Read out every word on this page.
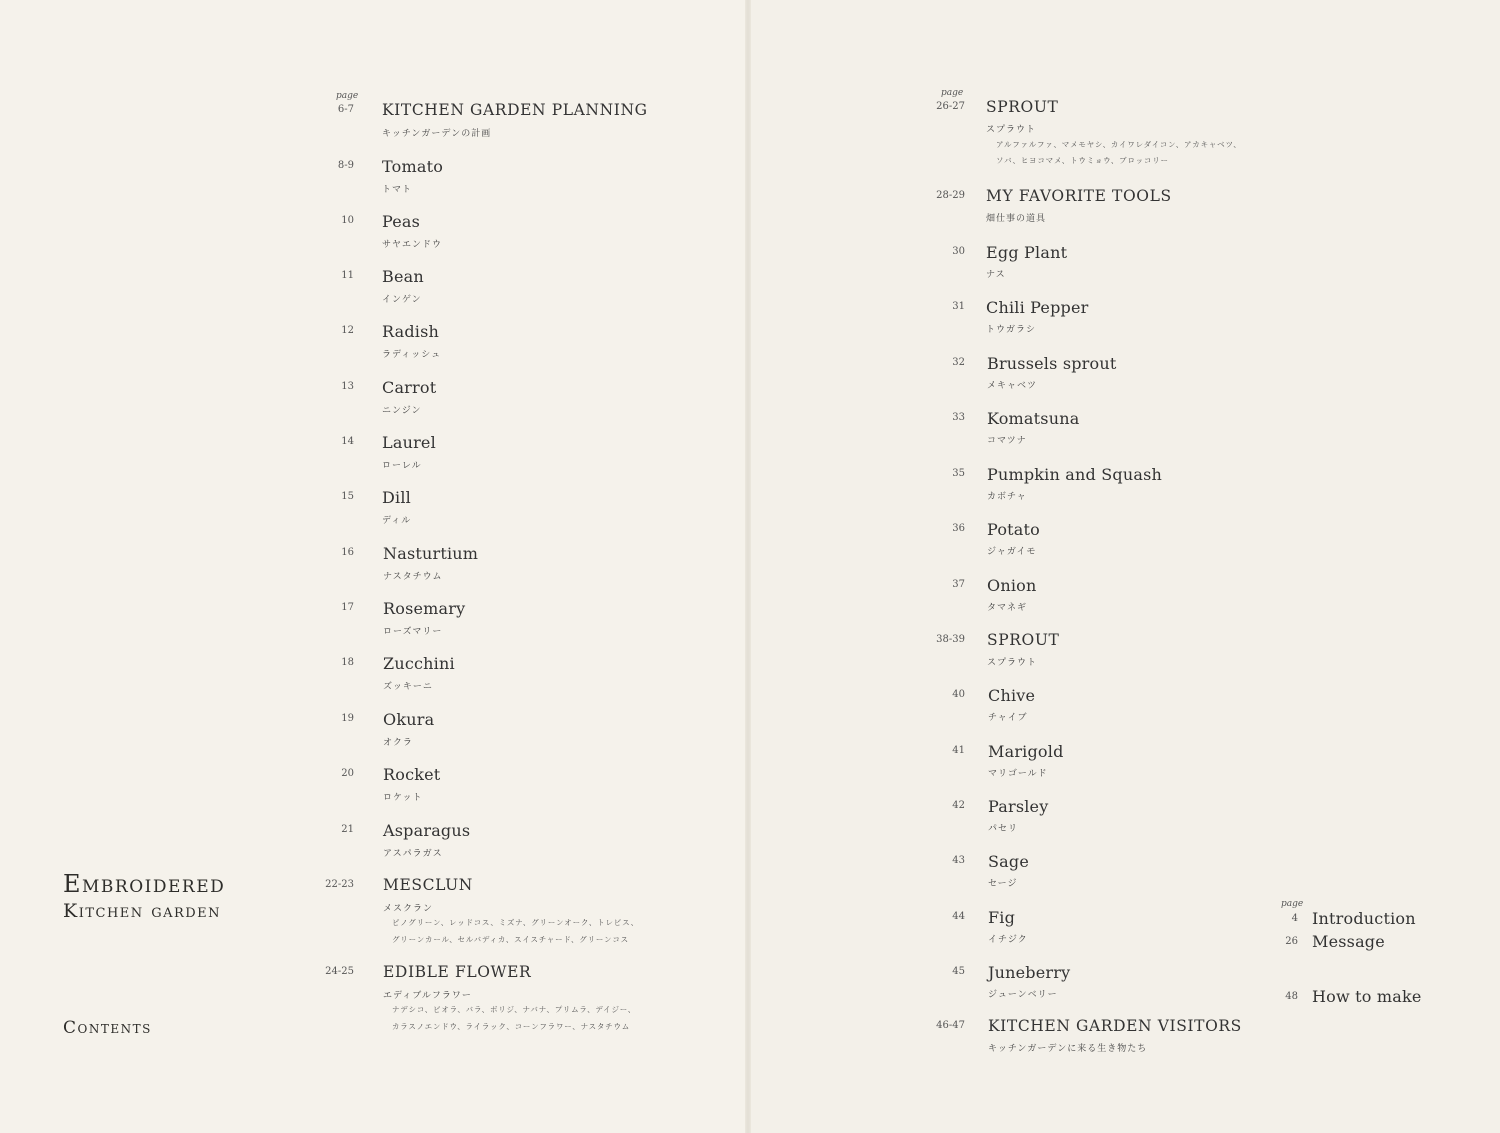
Embroidered
Kitchen garden
Contents
page
6-7 KITCHEN GARDEN PLANNING
キッチンガーデンの計画
8-9 Tomato
トマト
10 Peas
サヤエンドウ
11 Bean
インゲン
12 Radish
ラディッシュ
13 Carrot
ニンジン
14 Laurel
ローレル
15 Dill
ディル
16 Nasturtium
ナスタチウム
17 Rosemary
ローズマリー
18 Zucchini
ズッキーニ
19 Okura
オクラ
20 Rocket
ロケット
21 Asparagus
アスパラガス
22-23 MESCLUN
メスクラン
ピノグリーン、レッドコス、ミズナ、グリーンオーク、トレビス、
グリーンカール、セルバディカ、スイスチャード、グリーンコス
24-25 EDIBLE FLOWER
エディブルフラワー
ナデシコ、ビオラ、バラ、ボリジ、ナバナ、プリムラ、デイジー、
カラスノエンドウ、ライラック、コーンフラワー、ナスタチウム
page
26-27 SPROUT
スプラウト
アルファルファ、マメモヤシ、カイワレダイコン、アカキャベツ、
ソバ、ヒヨコマメ、トウミョウ、ブロッコリー
28-29 MY FAVORITE TOOLS
畑仕事の道具
30 Egg Plant
ナス
31 Chili Pepper
トウガラシ
32 Brussels sprout
メキャベツ
33 Komatsuna
コマツナ
35 Pumpkin and Squash
カボチャ
36 Potato
ジャガイモ
37 Onion
タマネギ
38-39 SPROUT
スプラウト
40 Chive
チャイブ
41 Marigold
マリゴールド
42 Parsley
パセリ
43 Sage
セージ
44 Fig
イチジク
45 Juneberry
ジューンベリー
46-47 KITCHEN GARDEN VISITORS
キッチンガーデンに来る生き物たち
page
4 Introduction
26 Message
48 How to make
